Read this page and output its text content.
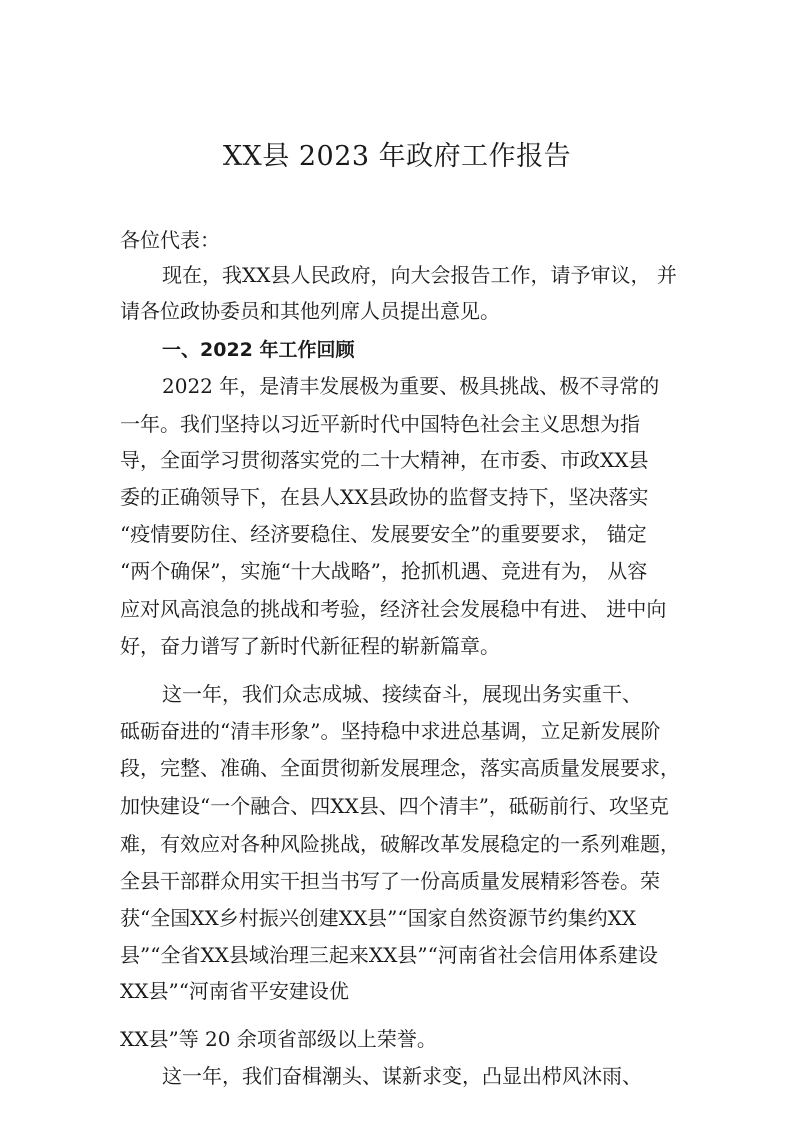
XX县 2023 年政府工作报告
各位代表：
现在，我XX县人民政府，向大会报告工作，请予审议， 并
请各位政协委员和其他列席人员提出意见。
一、2022 年工作回顾
2022 年，是清丰发展极为重要、极具挑战、极不寻常的
一年。我们坚持以习近平新时代中国特色社会主义思想为指
导，全面学习贯彻落实党的二十大精神，在市委、市政XX县
委的正确领导下，在县人XX县政协的监督支持下，坚决落实
“疫情要防住、经济要稳住、发展要安全”的重要要求， 锚定
“两个确保”，实施“十大战略”，抢抓机遇、竞进有为， 从容
应对风高浪急的挑战和考验，经济社会发展稳中有进、 进中向
好，奋力谱写了新时代新征程的崭新篇章。
这一年，我们众志成城、接续奋斗，展现出务实重干、
砥砺奋进的“清丰形象”。坚持稳中求进总基调，立足新发展阶
段，完整、准确、全面贯彻新发展理念，落实高质量发展要求，
加快建设“一个融合、四XX县、四个清丰”，砥砺前行、攻坚克
难，有效应对各种风险挑战，破解改革发展稳定的一系列难题，
全县干部群众用实干担当书写了一份高质量发展精彩答卷。荣
获“全国XX乡村振兴创建XX县”“国家自然资源节约集约XX
县”“全省XX县域治理三起来XX县”“河南省社会信用体系建设
XX县”“河南省平安建设优
XX县”等 20 余项省部级以上荣誉。
这一年，我们奋楫潮头、谋新求变，凸显出栉风沐雨、
